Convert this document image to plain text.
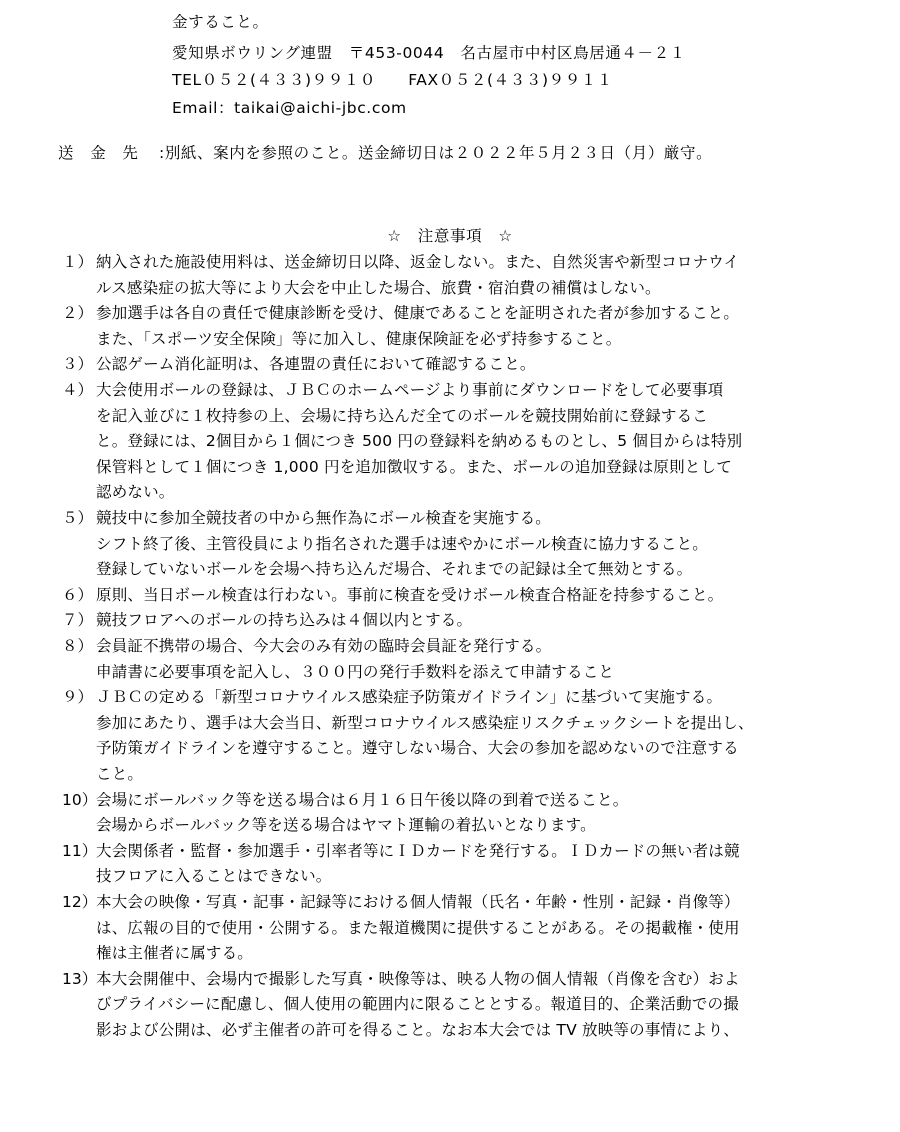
金すること。
愛知県ボウリング連盟　〒453-0044　名古屋市中村区鳥居通４－２１
TEL０５２(４３３)９９１０　　FAX０５２(４３３)９９１１
Email：taikai@aichi-jbc.com
送　金　先 :別紙、案内を参照のこと。送金締切日は２０２２年５月２３日（月）厳守。
☆　注意事項　☆
１） 納入された施設使用料は、送金締切日以降、返金しない。また、自然災害や新型コロナウイ
ルス感染症の拡大等により大会を中止した場合、旅費・宿泊費の補償はしない。
２） 参加選手は各自の責任で健康診断を受け、健康であることを証明された者が参加すること。
また、「スポーツ安全保険」等に加入し、健康保険証を必ず持参すること。
３） 公認ゲーム消化証明は、各連盟の責任において確認すること。
４） 大会使用ボールの登録は、ＪＢＣのホームページより事前にダウンロードをして必要事項
を記入並びに１枚持参の上、会場に持ち込んだ全てのボールを競技開始前に登録するこ
と。登録には、2個目から１個につき 500 円の登録料を納めるものとし、5 個目からは特別
保管料として１個につき 1,000 円を追加徴収する。また、ボールの追加登録は原則として
認めない。
５） 競技中に参加全競技者の中から無作為にボール検査を実施する。
シフト終了後、主管役員により指名された選手は速やかにボール検査に協力すること。
登録していないボールを会場へ持ち込んだ場合、それまでの記録は全て無効とする。
６） 原則、当日ボール検査は行わない。事前に検査を受けボール検査合格証を持参すること。
７） 競技フロアへのボールの持ち込みは４個以内とする。
８） 会員証不携帯の場合、今大会のみ有効の臨時会員証を発行する。
申請書に必要事項を記入し、３００円の発行手数料を添えて申請すること
９） ＪＢＣの定める「新型コロナウイルス感染症予防策ガイドライン」に基づいて実施する。
参加にあたり、選手は大会当日、新型コロナウイルス感染症リスクチェックシートを提出し、
予防策ガイドラインを遵守すること。遵守しない場合、大会の参加を認めないので注意する
こと。
10）
会場にボールバック等を送る場合は６月１６日午後以降の到着で送ること。
会場からボールバック等を送る場合はヤマト運輸の着払いとなります。
11）
大会関係者・監督・参加選手・引率者等にＩＤカードを発行する。ＩＤカードの無い者は競
技フロアに入ることはできない。
12）
本大会の映像・写真・記事・記録等における個人情報（氏名・年齢・性別・記録・肖像等）
は、広報の目的で使用・公開する。また報道機関に提供することがある。その掲載権・使用
権は主催者に属する。
13）
本大会開催中、会場内で撮影した写真・映像等は、映る人物の個人情報（肖像を含む）およ
びプライバシーに配慮し、個人使用の範囲内に限ることとする。報道目的、企業活動での撮
影および公開は、必ず主催者の許可を得ること。なお本大会では TV 放映等の事情により、
